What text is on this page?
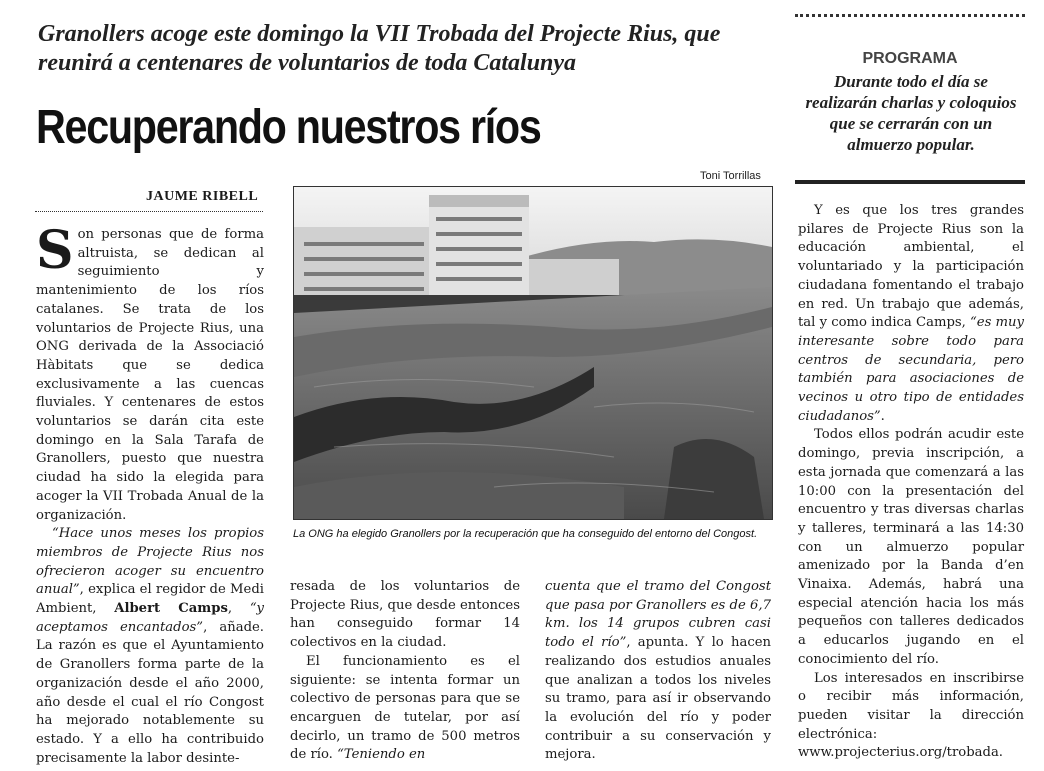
Granollers acoge este domingo la VII Trobada del Projecte Rius, que reunirá a centenares de voluntarios de toda Catalunya
Recuperando nuestros ríos
PROGRAMA
Durante todo el día se realizarán charlas y coloquios que se cerrarán con un almuerzo popular.
Toni Torrillas
La ONG ha elegido Granollers por la recuperación que ha conseguido del entorno del Congost.
JAUME RIBELL

Son personas que de forma altruista, se dedican al seguimiento y mantenimiento de los ríos catalanes. Se trata de los voluntarios de Projecte Rius, una ONG derivada de la Associació Hàbitats que se dedica exclusivamente a las cuencas fluviales. Y centenares de estos voluntarios se darán cita este domingo en la Sala Tarafa de Granollers, puesto que nuestra ciudad ha sido la elegida para acoger la VII Trobada Anual de la organización.

“Hace unos meses los propios miembros de Projecte Rius nos ofrecieron acoger su encuentro anual”, explica el regidor de Medi Ambient, Albert Camps, “y aceptamos encantados”, añade. La razón es que el Ayuntamiento de Granollers forma parte de la organización desde el año 2000, año desde el cual el río Congost ha mejorado notablemente su estado. Y a ello ha contribuido precisamente la labor desinte-

resada de los voluntarios de Projecte Rius, que desde entonces han conseguido formar 14 colectivos en la ciudad.

El funcionamiento es el siguiente: se intenta formar un colectivo de personas para que se encarguen de tutelar, por así decirlo, un tramo de 500 metros de río. “Teniendo en

cuenta que el tramo del Congost que pasa por Granollers es de 6,7 km. los 14 grupos cubren casi todo el río”, apunta. Y lo hacen realizando dos estudios anuales que analizan a todos los niveles su tramo, para así ir observando la evolución del río y poder contribuir a su conservación y mejora.

Y es que los tres grandes pilares de Projecte Rius son la educación ambiental, el voluntariado y la participación ciudadana fomentando el trabajo en red. Un trabajo que además, tal y como indica Camps, “es muy interesante sobre todo para centros de secundaria, pero también para asociaciones de vecinos u otro tipo de entidades ciudadanos”.

Todos ellos podrán acudir este domingo, previa inscripción, a esta jornada que comenzará a las 10:00 con la presentación del encuentro y tras diversas charlas y talleres, terminará a las 14:30 con un almuerzo popular amenizado por la Banda d’en Vinaixa. Además, habrá una especial atención hacia los más pequeños con talleres dedicados a educarlos jugando en el conocimiento del río.

Los interesados en inscribirse o recibir más información, pueden visitar la dirección electrónica: www.projecterius.org/trobada.
